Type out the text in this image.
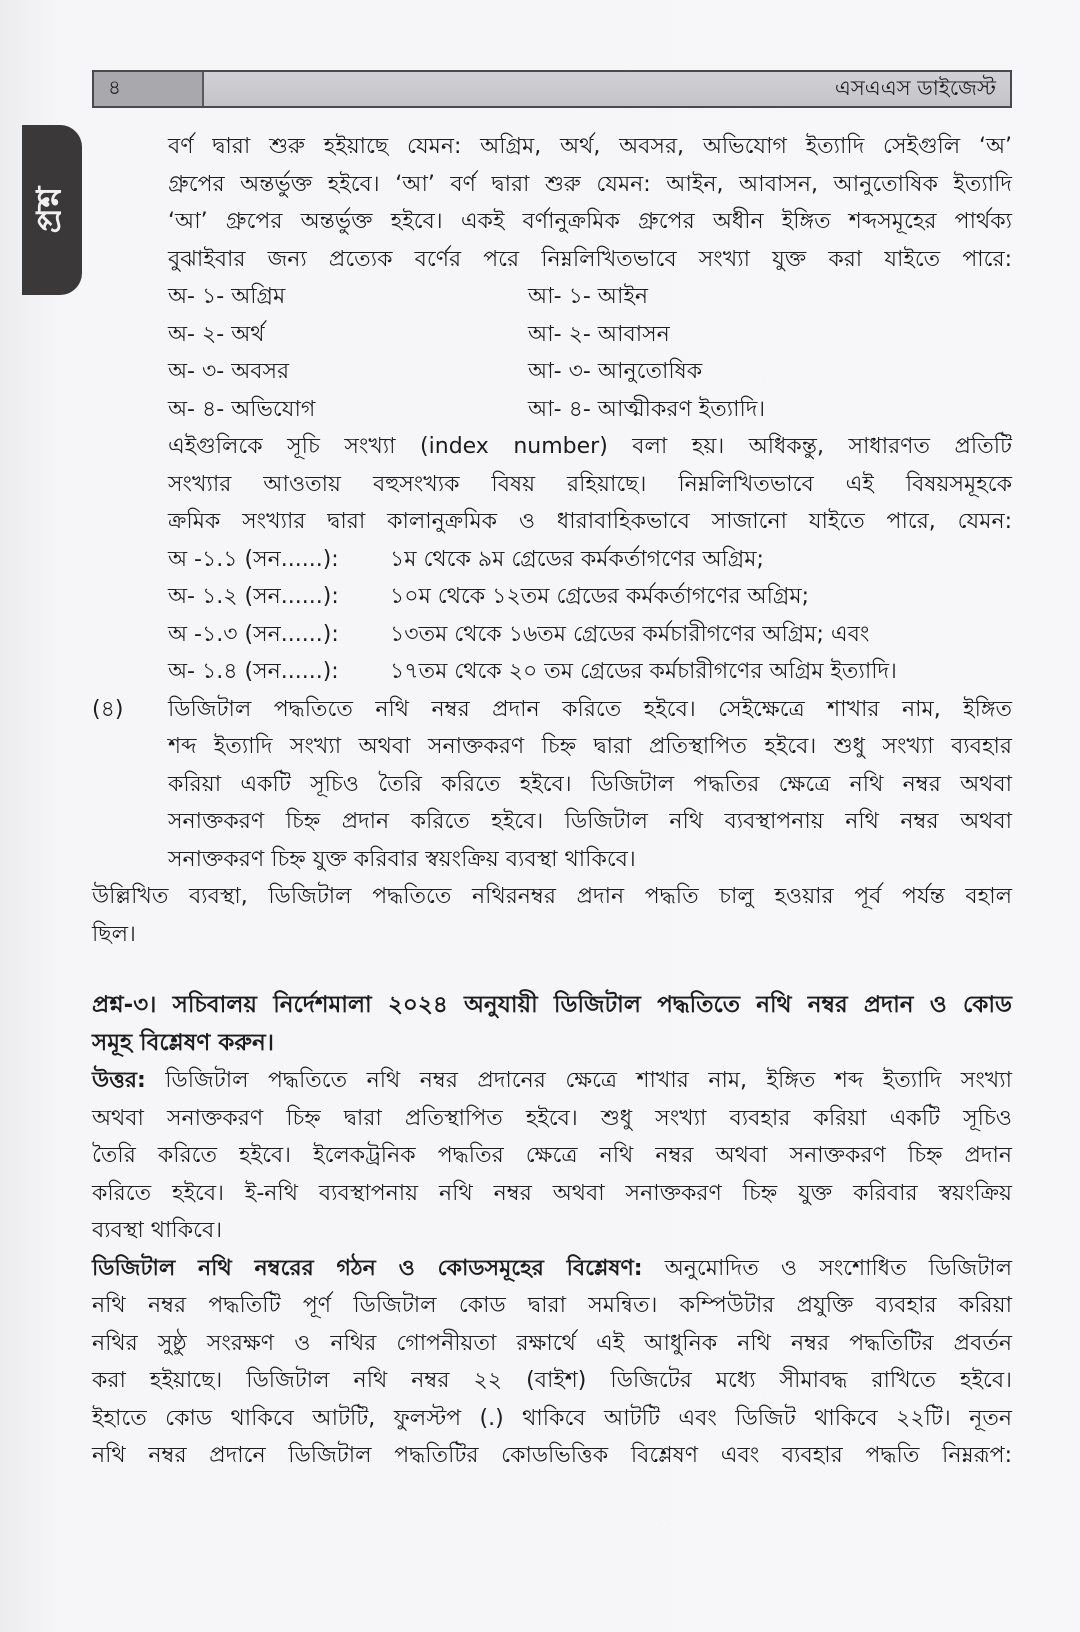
৪	এসএএস ডাইজেস্ট
প্রশ্ন
বর্ণ দ্বারা শুরু হইয়াছে যেমন: অগ্রিম, অর্থ, অবসর, অভিযোগ ইত্যাদি সেইগুলি ‘অ’
গ্রুপের অন্তর্ভুক্ত হইবে। ‘আ’ বর্ণ দ্বারা শুরু যেমন: আইন, আবাসন, আনুতোষিক ইত্যাদি
‘আ’ গ্রুপের অন্তর্ভুক্ত হইবে। একই বর্ণানুক্রমিক গ্রুপের অধীন ইঙ্গিত শব্দসমূহের পার্থক্য
বুঝাইবার জন্য প্রত্যেক বর্ণের পরে নিম্নলিখিতভাবে সংখ্যা যুক্ত করা যাইতে পারে:
অ- ১- অগ্রিম	আ- ১- আইন
অ- ২- অর্থ	আ- ২- আবাসন
অ- ৩- অবসর	আ- ৩- আনুতোষিক
অ- ৪- অভিযোগ	আ- ৪- আত্মীকরণ ইত্যাদি।
এইগুলিকে সূচি সংখ্যা (index number) বলা হয়। অধিকন্তু, সাধারণত প্রতিটি
সংখ্যার আওতায় বহুসংখ্যক বিষয় রহিয়াছে। নিম্নলিখিতভাবে এই বিষয়সমূহকে
ক্রমিক সংখ্যার দ্বারা কালানুক্রমিক ও ধারাবাহিকভাবে সাজানো যাইতে পারে, যেমন:
অ -১.১ (সন......):	১ম থেকে ৯ম গ্রেডের কর্মকর্তাগণের অগ্রিম;
অ- ১.২ (সন......):	১০ম থেকে ১২তম গ্রেডের কর্মকর্তাগণের অগ্রিম;
অ -১.৩ (সন......):	১৩তম থেকে ১৬তম গ্রেডের কর্মচারীগণের অগ্রিম; এবং
অ- ১.৪ (সন......):	১৭তম থেকে ২০ তম গ্রেডের কর্মচারীগণের অগ্রিম ইত্যাদি।
(৪)	ডিজিটাল পদ্ধতিতে নথি নম্বর প্রদান করিতে হইবে। সেইক্ষেত্রে শাখার নাম, ইঙ্গিত
শব্দ ইত্যাদি সংখ্যা অথবা সনাক্তকরণ চিহ্ন দ্বারা প্রতিস্থাপিত হইবে। শুধু সংখ্যা ব্যবহার
করিয়া একটি সূচিও তৈরি করিতে হইবে। ডিজিটাল পদ্ধতির ক্ষেত্রে নথি নম্বর অথবা
সনাক্তকরণ চিহ্ন প্রদান করিতে হইবে। ডিজিটাল নথি ব্যবস্থাপনায় নথি নম্বর অথবা
সনাক্তকরণ চিহ্ন যুক্ত করিবার স্বয়ংক্রিয় ব্যবস্থা থাকিবে।
উল্লিখিত ব্যবস্থা, ডিজিটাল পদ্ধতিতে নথিরনম্বর প্রদান পদ্ধতি চালু হওয়ার পূর্ব পর্যন্ত বহাল
ছিল।
প্রশ্ন-৩। সচিবালয় নির্দেশমালা ২০২৪ অনুযায়ী ডিজিটাল পদ্ধতিতে নথি নম্বর প্রদান ও কোড
সমূহ বিশ্লেষণ করুন।
উত্তর: ডিজিটাল পদ্ধতিতে নথি নম্বর প্রদানের ক্ষেত্রে শাখার নাম, ইঙ্গিত শব্দ ইত্যাদি সংখ্যা
অথবা সনাক্তকরণ চিহ্ন দ্বারা প্রতিস্থাপিত হইবে। শুধু সংখ্যা ব্যবহার করিয়া একটি সূচিও
তৈরি করিতে হইবে। ইলেকট্রনিক পদ্ধতির ক্ষেত্রে নথি নম্বর অথবা সনাক্তকরণ চিহ্ন প্রদান
করিতে হইবে। ই-নথি ব্যবস্থাপনায় নথি নম্বর অথবা সনাক্তকরণ চিহ্ন যুক্ত করিবার স্বয়ংক্রিয়
ব্যবস্থা থাকিবে।
ডিজিটাল নথি নম্বরের গঠন ও কোডসমূহের বিশ্লেষণ: অনুমোদিত ও সংশোধিত ডিজিটাল
নথি নম্বর পদ্ধতিটি পূর্ণ ডিজিটাল কোড দ্বারা সমন্বিত। কম্পিউটার প্রযুক্তি ব্যবহার করিয়া
নথির সুষ্ঠু সংরক্ষণ ও নথির গোপনীয়তা রক্ষার্থে এই আধুনিক নথি নম্বর পদ্ধতিটির প্রবর্তন
করা হইয়াছে। ডিজিটাল নথি নম্বর ২২ (বাইশ) ডিজিটের মধ্যে সীমাবদ্ধ রাখিতে হইবে।
ইহাতে কোড থাকিবে আটটি, ফুলস্টপ (.) থাকিবে আটটি এবং ডিজিট থাকিবে ২২টি। নূতন
নথি নম্বর প্রদানে ডিজিটাল পদ্ধতিটির কোডভিত্তিক বিশ্লেষণ এবং ব্যবহার পদ্ধতি নিম্নরূপ:
